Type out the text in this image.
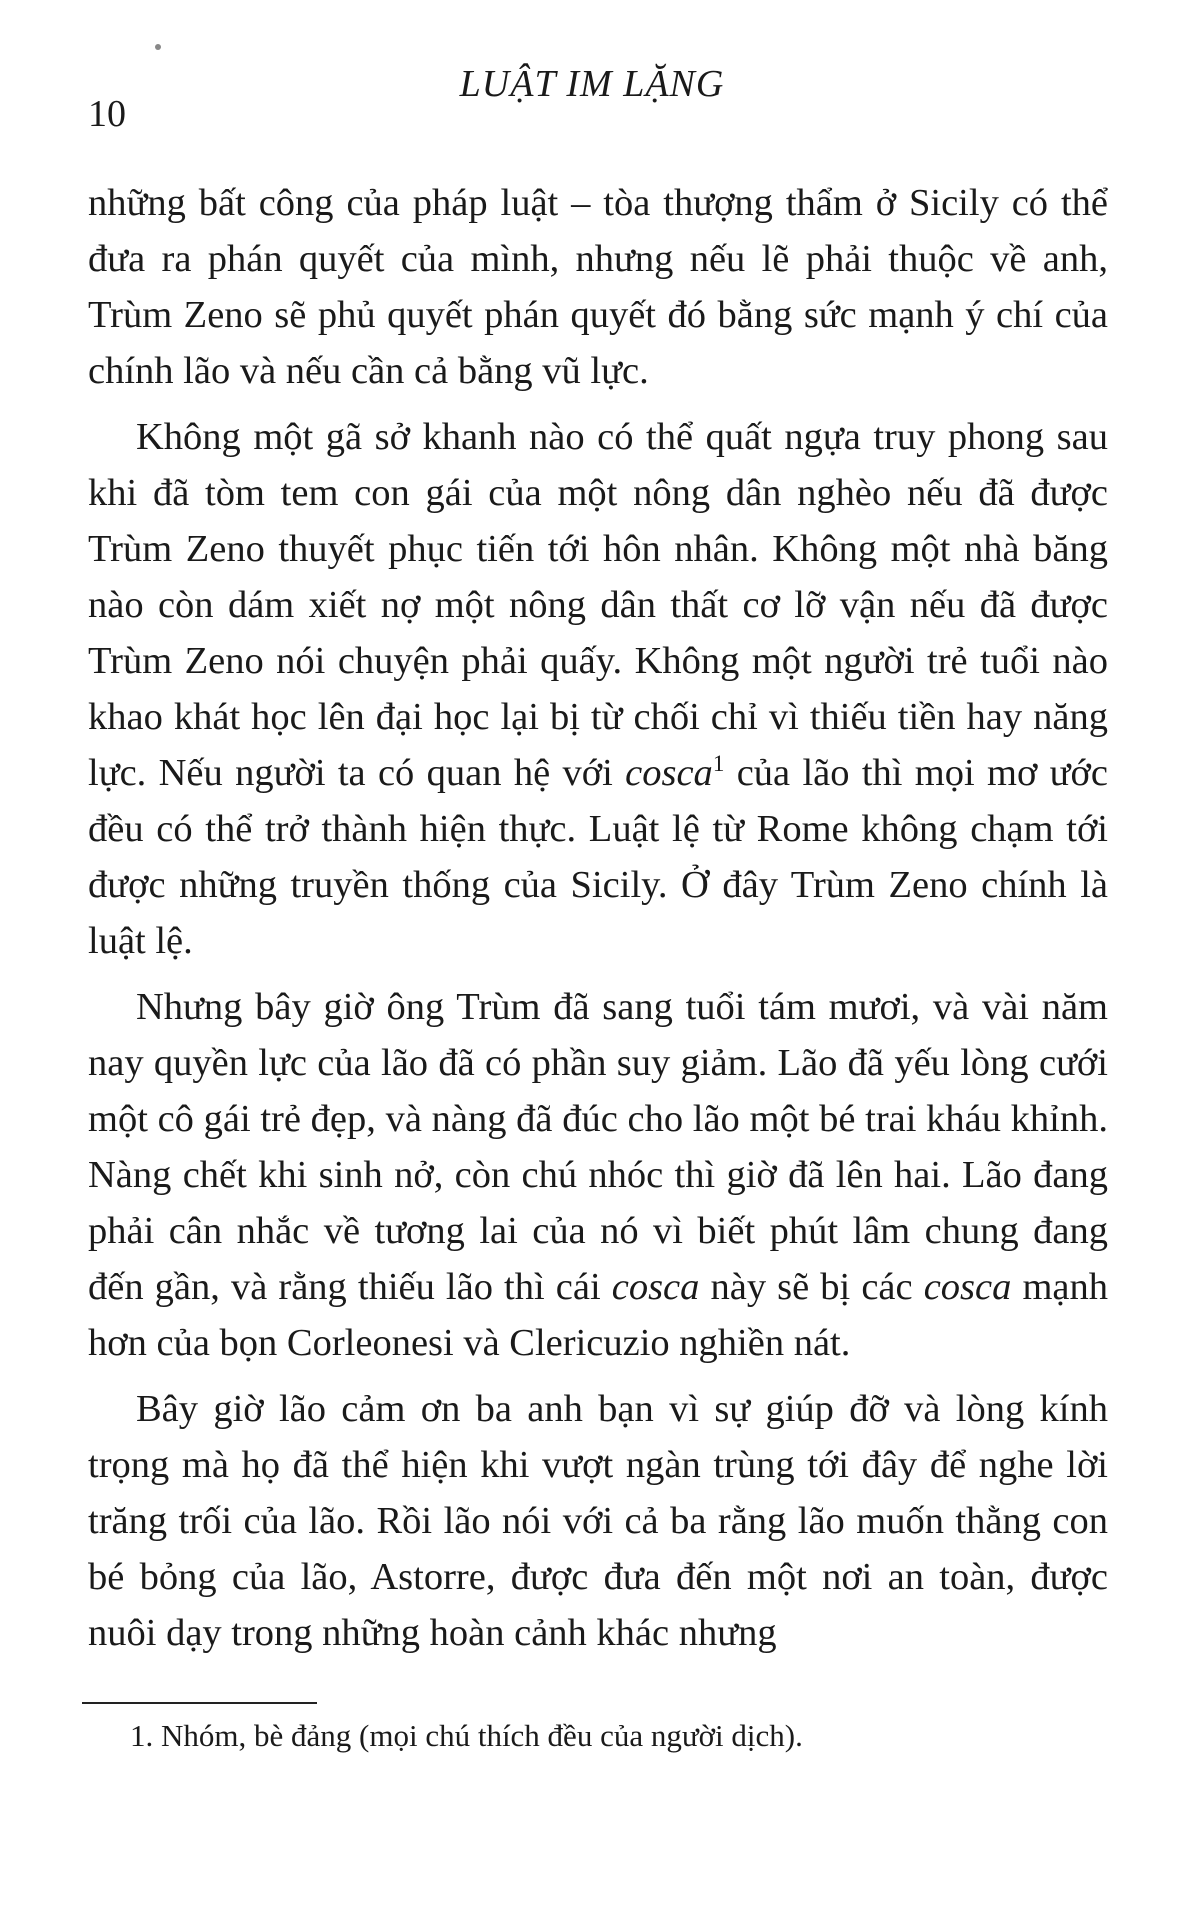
10
LUẬT IM LẶNG

những bất công của pháp luật – tòa thượng thẩm ở Sicily có thể đưa ra phán quyết của mình, nhưng nếu lẽ phải thuộc về anh, Trùm Zeno sẽ phủ quyết phán quyết đó bằng sức mạnh ý chí của chính lão và nếu cần cả bằng vũ lực.

Không một gã sở khanh nào có thể quất ngựa truy phong sau khi đã tòm tem con gái của một nông dân nghèo nếu đã được Trùm Zeno thuyết phục tiến tới hôn nhân. Không một nhà băng nào còn dám xiết nợ một nông dân thất cơ lỡ vận nếu đã được Trùm Zeno nói chuyện phải quấy. Không một người trẻ tuổi nào khao khát học lên đại học lại bị từ chối chỉ vì thiếu tiền hay năng lực. Nếu người ta có quan hệ với cosca$^1$ của lão thì mọi mơ ước đều có thể trở thành hiện thực. Luật lệ từ Rome không chạm tới được những truyền thống của Sicily. Ở đây Trùm Zeno chính là luật lệ.

Nhưng bây giờ ông Trùm đã sang tuổi tám mươi, và vài năm nay quyền lực của lão đã có phần suy giảm. Lão đã yếu lòng cưới một cô gái trẻ đẹp, và nàng đã đúc cho lão một bé trai kháu khỉnh. Nàng chết khi sinh nở, còn chú nhóc thì giờ đã lên hai. Lão đang phải cân nhắc về tương lai của nó vì biết phút lâm chung đang đến gần, và rằng thiếu lão thì cái cosca này sẽ bị các cosca mạnh hơn của bọn Corleonesi và Clericuzio nghiền nát.

Bây giờ lão cảm ơn ba anh bạn vì sự giúp đỡ và lòng kính trọng mà họ đã thể hiện khi vượt ngàn trùng tới đây để nghe lời trăng trối của lão. Rồi lão nói với cả ba rằng lão muốn thằng con bé bỏng của lão, Astorre, được đưa đến một nơi an toàn, được nuôi dạy trong những hoàn cảnh khác nhưng

1. Nhóm, bè đảng (mọi chú thích đều của người dịch).
